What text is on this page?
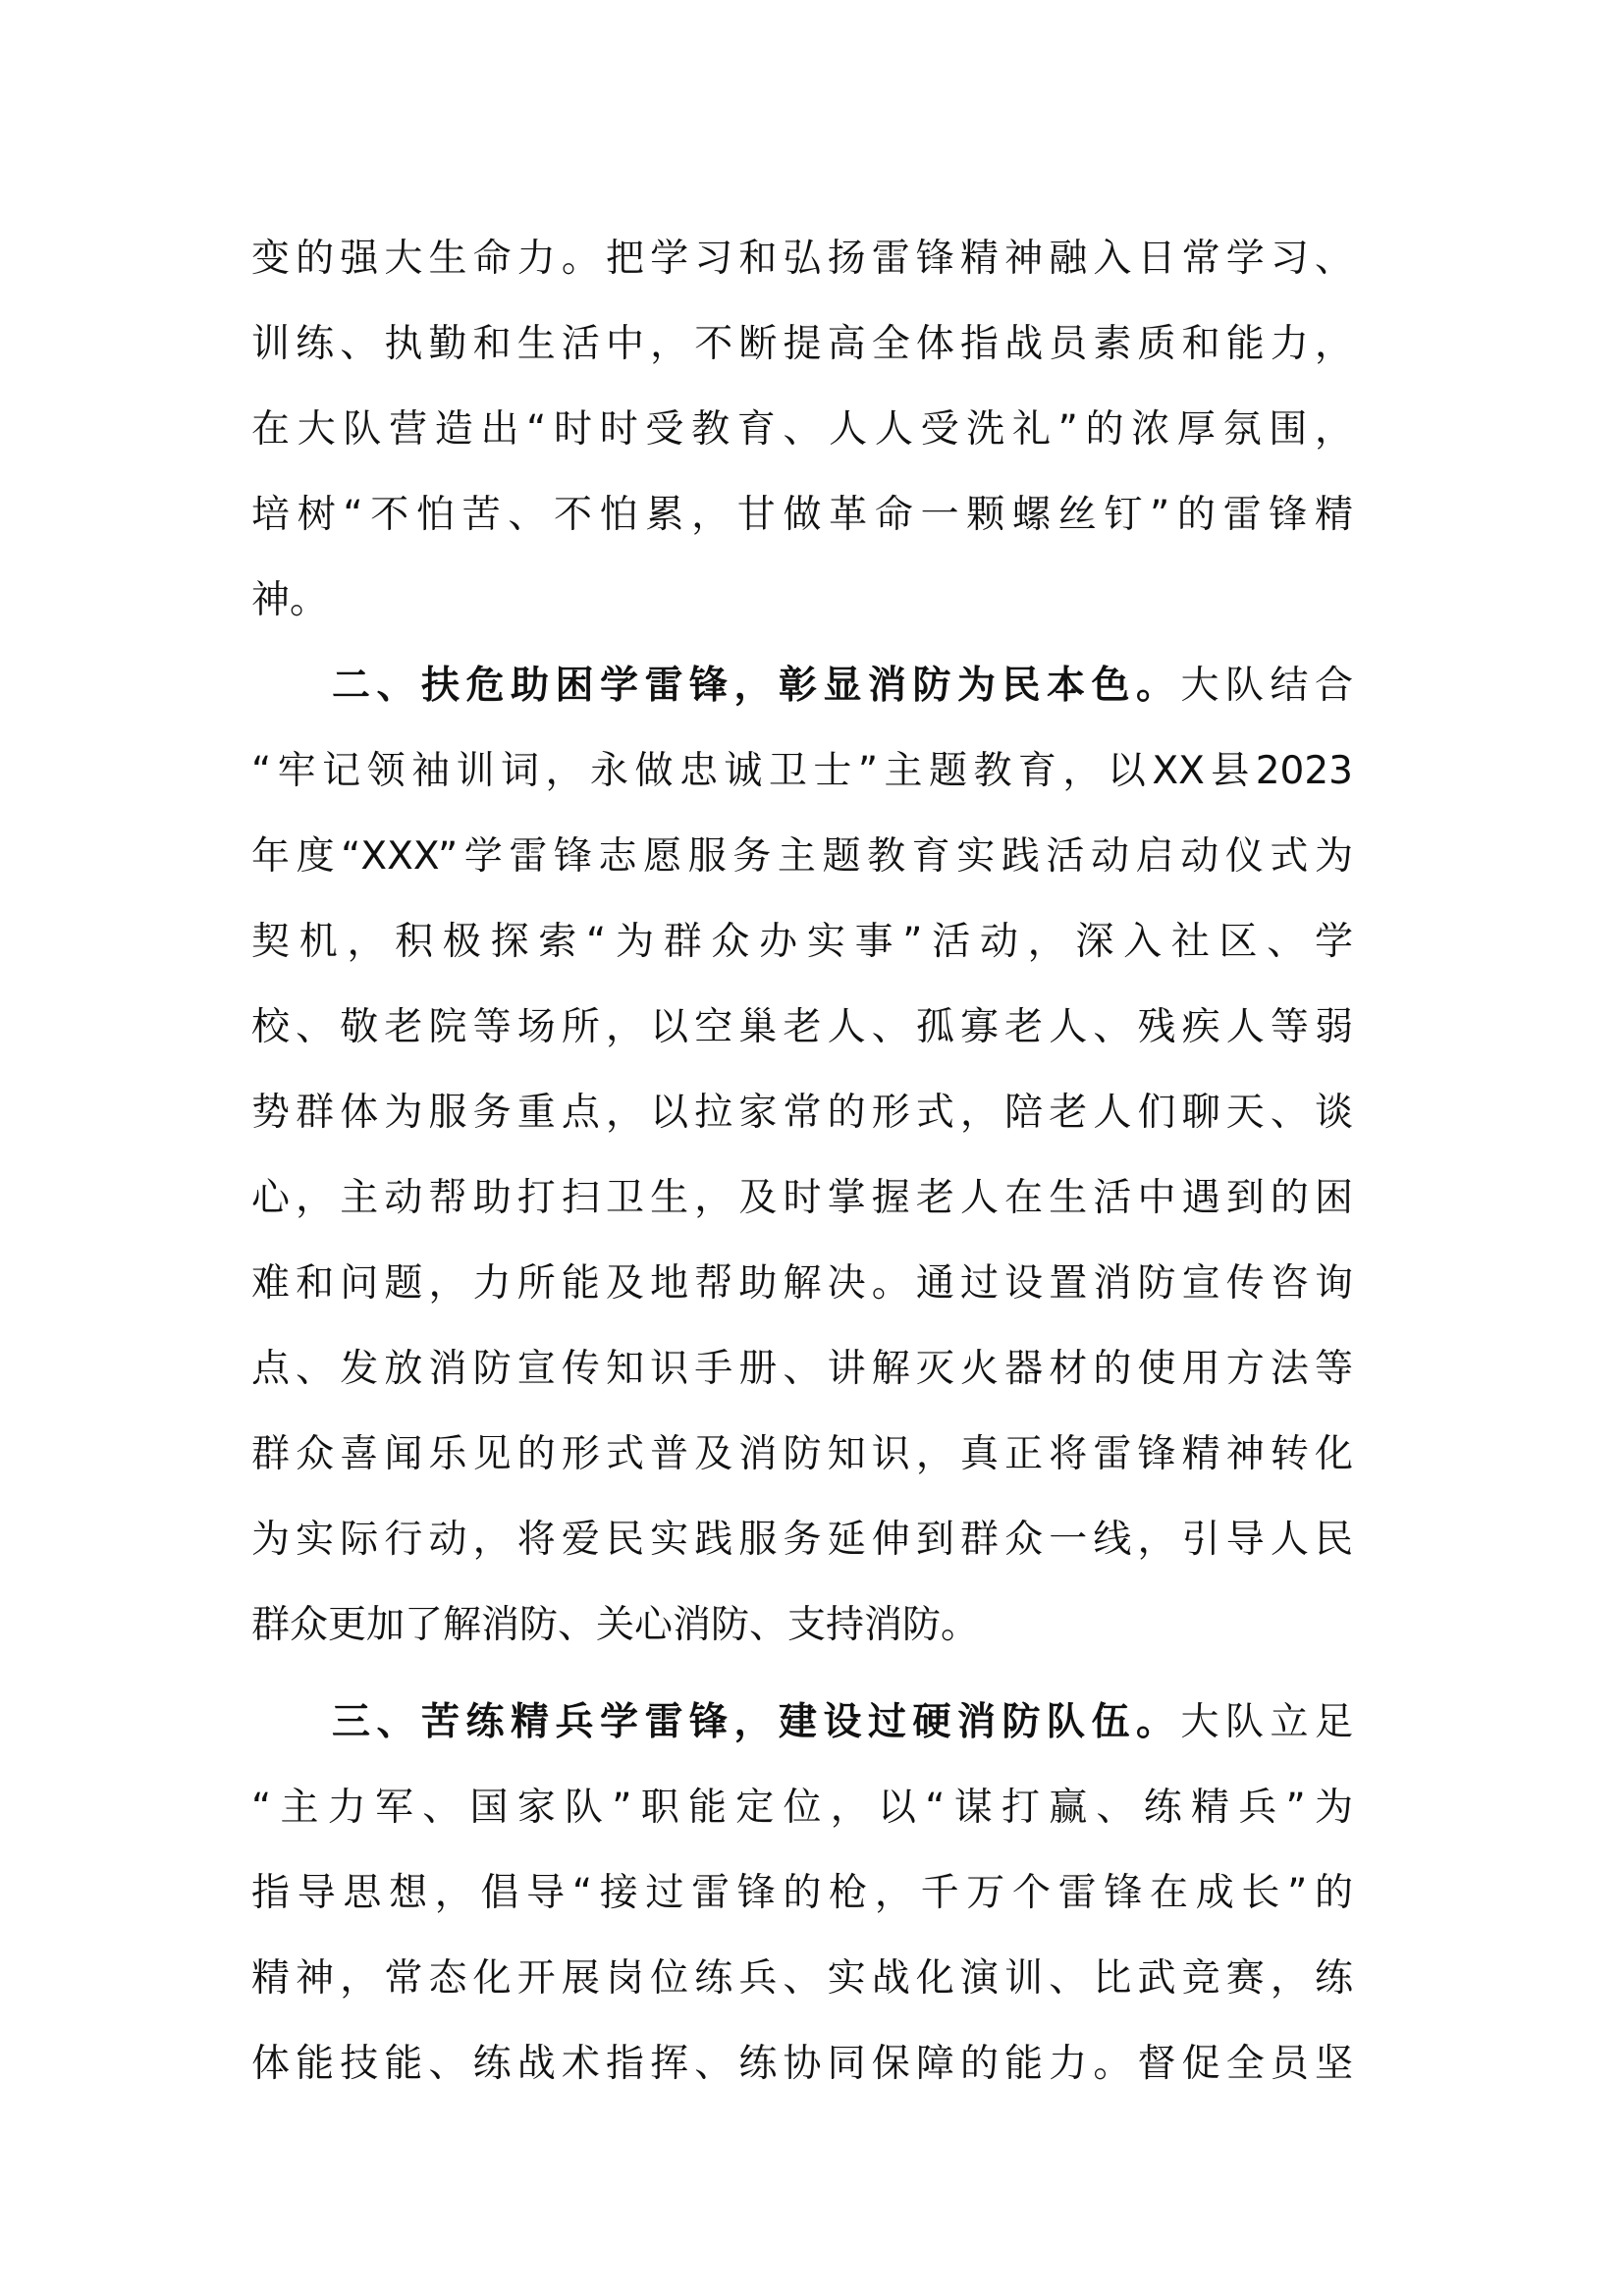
变的强大生命力。把学习和弘扬雷锋精神融入日常学习、
训练、执勤和生活中，不断提高全体指战员素质和能力，
在大队营造出“时时受教育、人人受洗礼”的浓厚氛围，
培树“不怕苦、不怕累，甘做革命一颗螺丝钉”的雷锋精
神。
二、扶危助困学雷锋，彰显消防为民本色。大队结合
“牢记领袖训词，永做忠诚卫士”主题教育，以XX县2023
年度“XXX”学雷锋志愿服务主题教育实践活动启动仪式为
契机，积极探索“为群众办实事”活动，深入社区、学
校、敬老院等场所，以空巢老人、孤寡老人、残疾人等弱
势群体为服务重点，以拉家常的形式，陪老人们聊天、谈
心，主动帮助打扫卫生，及时掌握老人在生活中遇到的困
难和问题，力所能及地帮助解决。通过设置消防宣传咨询
点、发放消防宣传知识手册、讲解灭火器材的使用方法等
群众喜闻乐见的形式普及消防知识，真正将雷锋精神转化
为实际行动，将爱民实践服务延伸到群众一线，引导人民
群众更加了解消防、关心消防、支持消防。
三、苦练精兵学雷锋，建设过硬消防队伍。大队立足
“主力军、国家队”职能定位，以“谋打赢、练精兵”为
指导思想，倡导“接过雷锋的枪，千万个雷锋在成长”的
精神，常态化开展岗位练兵、实战化演训、比武竞赛，练
体能技能、练战术指挥、练协同保障的能力。督促全员坚
